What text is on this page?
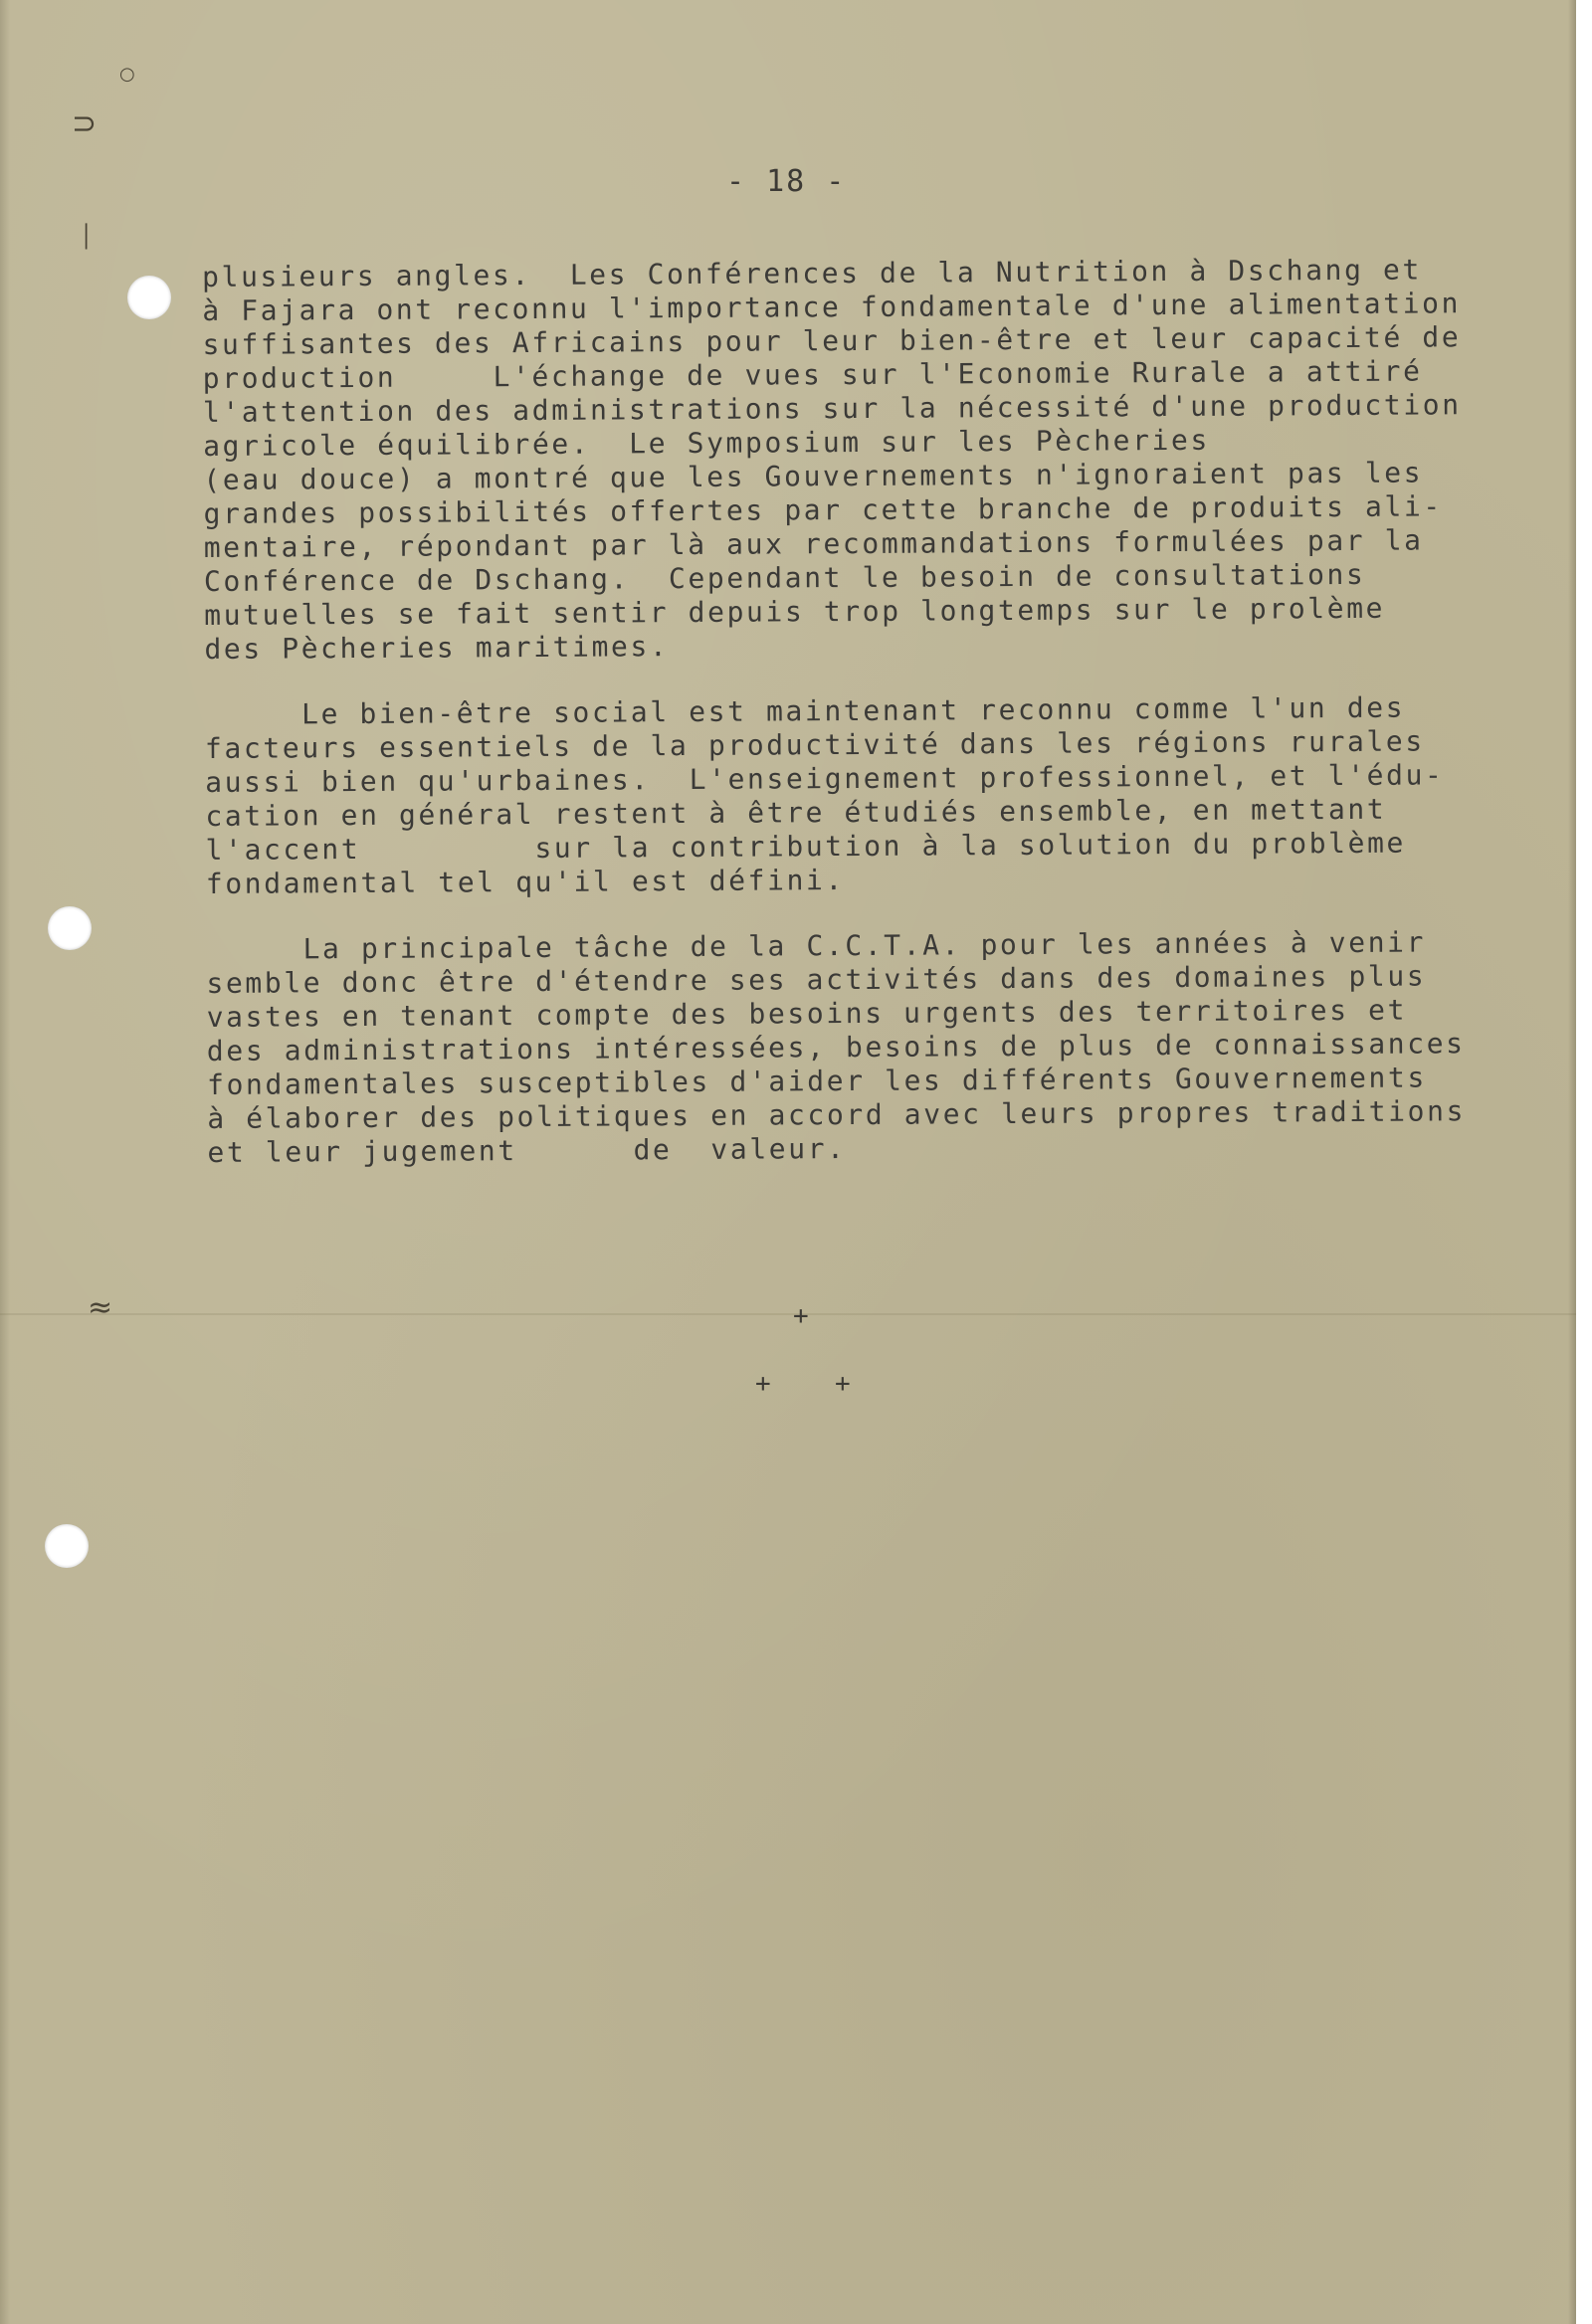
⊃
○
│
≈
- 18 -
plusieurs angles.  Les Conférences de la Nutrition à Dschang et
à Fajara ont reconnu l'importance fondamentale d'une alimentation
suffisantes des Africains pour leur bien-être et leur capacité de
production     L'échange de vues sur l'Economie Rurale a attiré
l'attention des administrations sur la nécessité d'une production
agricole équilibrée.  Le Symposium sur les Pècheries
(eau douce) a montré que les Gouvernements n'ignoraient pas les
grandes possibilités offertes par cette branche de produits ali-
mentaire, répondant par là aux recommandations formulées par la
Conférence de Dschang.  Cependant le besoin de consultations
mutuelles se fait sentir depuis trop longtemps sur le prolème
des Pècheries maritimes.
Le bien-être social est maintenant reconnu comme l'un des
facteurs essentiels de la productivité dans les régions rurales
aussi bien qu'urbaines.  L'enseignement professionnel, et l'édu-
cation en général restent à être étudiés ensemble, en mettant
l'accent         sur la contribution à la solution du problème
fondamental tel qu'il est défini.
La principale tâche de la C.C.T.A. pour les années à venir
semble donc être d'étendre ses activités dans des domaines plus
vastes en tenant compte des besoins urgents des territoires et
des administrations intéressées, besoins de plus de connaissances
fondamentales susceptibles d'aider les différents Gouvernements
à élaborer des politiques en accord avec leurs propres traditions
et leur jugement      de  valeur.
+
+ +
